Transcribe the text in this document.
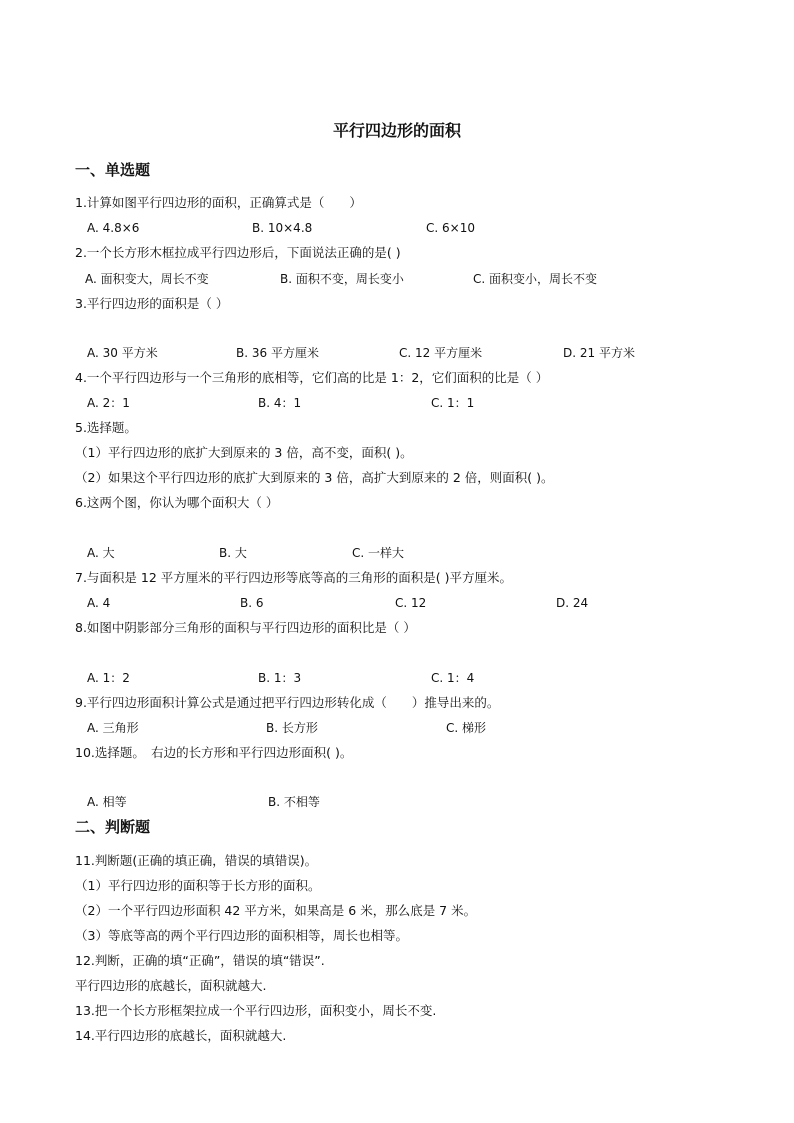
平行四边形的面积
一、单选题
1.计算如图平行四边形的面积，正确算式是（　　）
A. 4.8×6	B. 10×4.8	C. 6×10
2.一个长方形木框拉成平行四边形后，下面说法正确的是( )
A. 面积变大，周长不变	B. 面积不变，周长变小	C. 面积变小，周长不变
3.平行四边形的面积是（ ）
A. 30 平方米	B. 36 平方厘米	C. 12 平方厘米	D. 21 平方米
4.一个平行四边形与一个三角形的底相等，它们高的比是 1：2，它们面积的比是（ ）
A. 2：1	B. 4：1	C. 1：1
5.选择题。
（1）平行四边形的底扩大到原来的 3 倍，高不变，面积( )。
（2）如果这个平行四边形的底扩大到原来的 3 倍，高扩大到原来的 2 倍，则面积( )。
6.这两个图，你认为哪个面积大（ ）
A. 大	B. 大	C. 一样大
7.与面积是 12 平方厘米的平行四边形等底等高的三角形的面积是( )平方厘米。
A. 4	B. 6	C. 12	D. 24
8.如图中阴影部分三角形的面积与平行四边形的面积比是（ ）
A. 1：2	B. 1：3	C. 1：4
9.平行四边形面积计算公式是通过把平行四边形转化成（　　）推导出来的。
A. 三角形	B. 长方形	C. 梯形
10.选择题。　右边的长方形和平行四边形面积( )。
A. 相等	B. 不相等
二、判断题
11.判断题(正确的填正确，错误的填错误)。
（1）平行四边形的面积等于长方形的面积。
（2）一个平行四边形面积 42 平方米，如果高是 6 米，那么底是 7 米。
（3）等底等高的两个平行四边形的面积相等，周长也相等。
12.判断，正确的填“正确”，错误的填“错误”.
平行四边形的底越长，面积就越大.
13.把一个长方形框架拉成一个平行四边形，面积变小，周长不变.
14.平行四边形的底越长，面积就越大.
